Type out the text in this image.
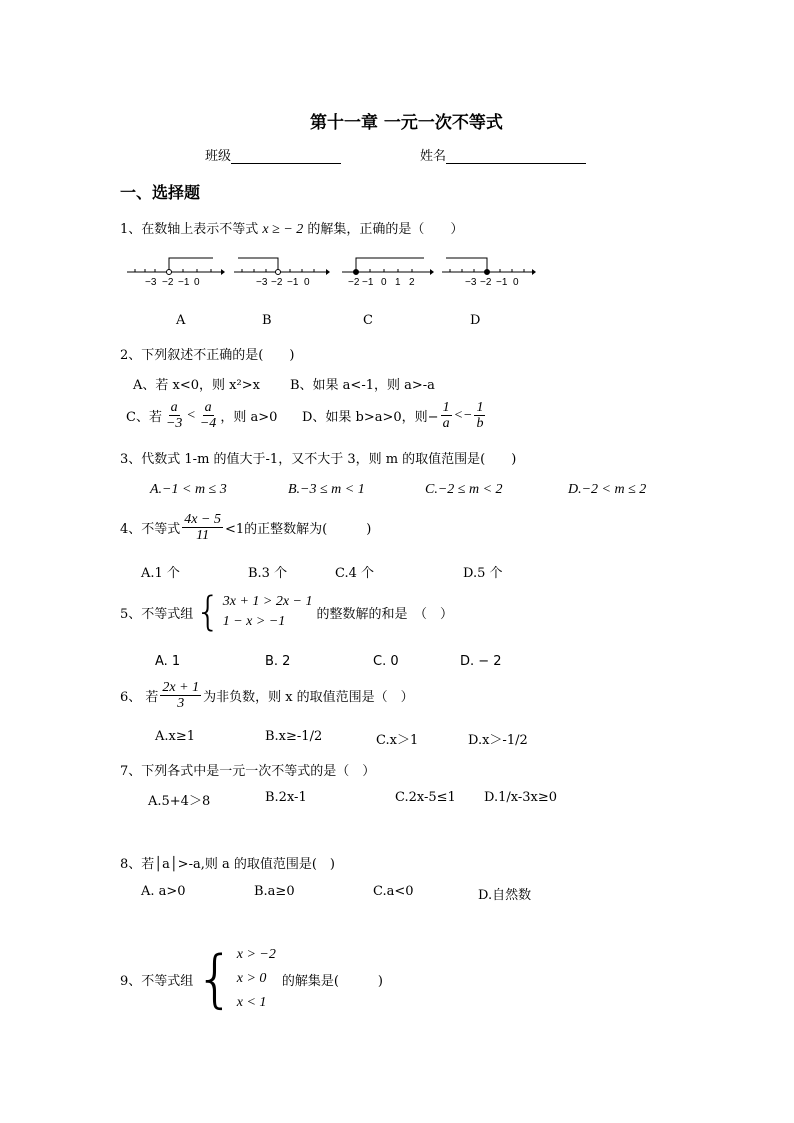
第十一章 一元一次不等式
班级	姓名
一、选择题
1、在数轴上表示不等式 x ≥ − 2 的解集，正确的是（　　）
−3 −2 −1 0	−3 −2 −1 0	−2 −1 0 1 2	−3 −2 −1 0
A	B	C	D
2、下列叙述不正确的是(　　)
A、若 x<0，则 x²>x B、如果 a<-1，则 a>-a
C、若 $\frac{a}{-3} < \frac{a}{-4}$ ，则 a>0 D、如果 b>a>0，则− $\frac{1}{a} <- \frac{1}{b}$
3、代数式 1-m 的值大于-1，又不大于 3，则 m 的取值范围是(　　)
A.−1 < m ≤ 3	B.−3 ≤ m < 1	C.−2 ≤ m < 2	D.−2 < m ≤ 2
4、不等式 $\frac{4x - 5}{11} <1$的正整数解为(　　　)
A.1 个	B.3 个	C.4 个	D.5 个
5、不等式组 { 3x + 1 > 2x − 1
1 − x > −1	的整数解的和是　（　）
A. 1	B. 2	C. 0	D. − 2
6、 若 $\frac{2x + 1}{3}$ 为非负数，则 x 的取值范围是（　）
A.x≥1	B.x≥-1/2	C.x＞1	D.x＞-1/2
7、下列各式中是一元一次不等式的是（　）
A.5+4＞8	B.2x-1	C.2x-5≤1 D.1/x-3x≥0
8、若│a│>-a,则 a 的取值范围是(　)
A. a>0	B.a≥0	C.a<0	D.自然数
9、不等式组 { x > −2
x > 0
x < 1
的解集是(　　　)
